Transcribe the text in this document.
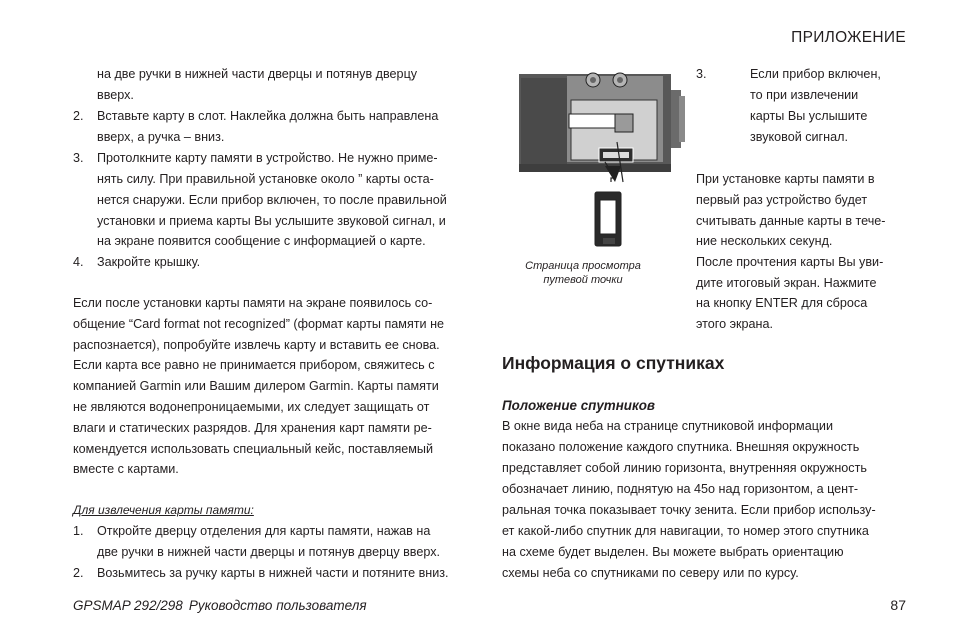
ПРИЛОЖЕНИЕ
на две ручки в нижней части дверцы и потянув дверцу
вверх.
2.	Вставьте карту в слот. Наклейка должна быть направлена
вверх, а ручка – вниз.
3.	Протолкните карту памяти в устройство. Не нужно приме-
нять силу. При правильной установке около ” карты оста-
нется снаружи. Если прибор включен, то после правильной
установки и приема карты Вы услышите звуковой сигнал, и
на экране появится сообщение с информацией о карте.
4.	Закройте крышку.
Если после установки карты памяти на экране появилось со-
общение “Card format not recognized” (формат карты памяти не
распознается), попробуйте извлечь карту и вставить ее снова.
Если карта все равно не принимается прибором, свяжитесь с
компанией Garmin или Вашим дилером Garmin. Карты памяти
не являются водонепроницаемыми, их следует защищать от
влаги и статических разрядов. Для хранения карт памяти ре-
комендуется использовать специальный кейс, поставляемый
вместе с картами.
Для извлечения карты памяти:
1.	Откройте дверцу отделения для карты памяти, нажав на
две ручки в нижней части дверцы и потянув дверцу вверх.
2.	Возьмитесь за ручку карты в нижней части и потяните вниз.
Страница просмотра
путевой точки
3.	Если прибор включен,
то при извлечении
карты Вы услышите
звуковой сигнал.
При установке карты памяти в
первый раз устройство будет
считывать данные карты в тече-
ние нескольких секунд.
После прочтения карты Вы уви-
дите итоговый экран. Нажмите
на кнопку ENTER для сброса
этого экрана.
Информация о спутниках
Положение спутников
В окне вида неба на странице спутниковой информации
показано положение каждого спутника. Внешняя окружность
представляет собой линию горизонта, внутренняя окружность
обозначает линию, поднятую на 45o над горизонтом, а цент-
ральная точка показывает точку зенита. Если прибор использу-
ет какой-либо спутник для навигации, то номер этого спутника
на схеме будет выделен. Вы можете выбрать ориентацию
схемы неба со спутниками по северу или по курсу.
GPSMAP 292/298 Руководство пользователя	87
